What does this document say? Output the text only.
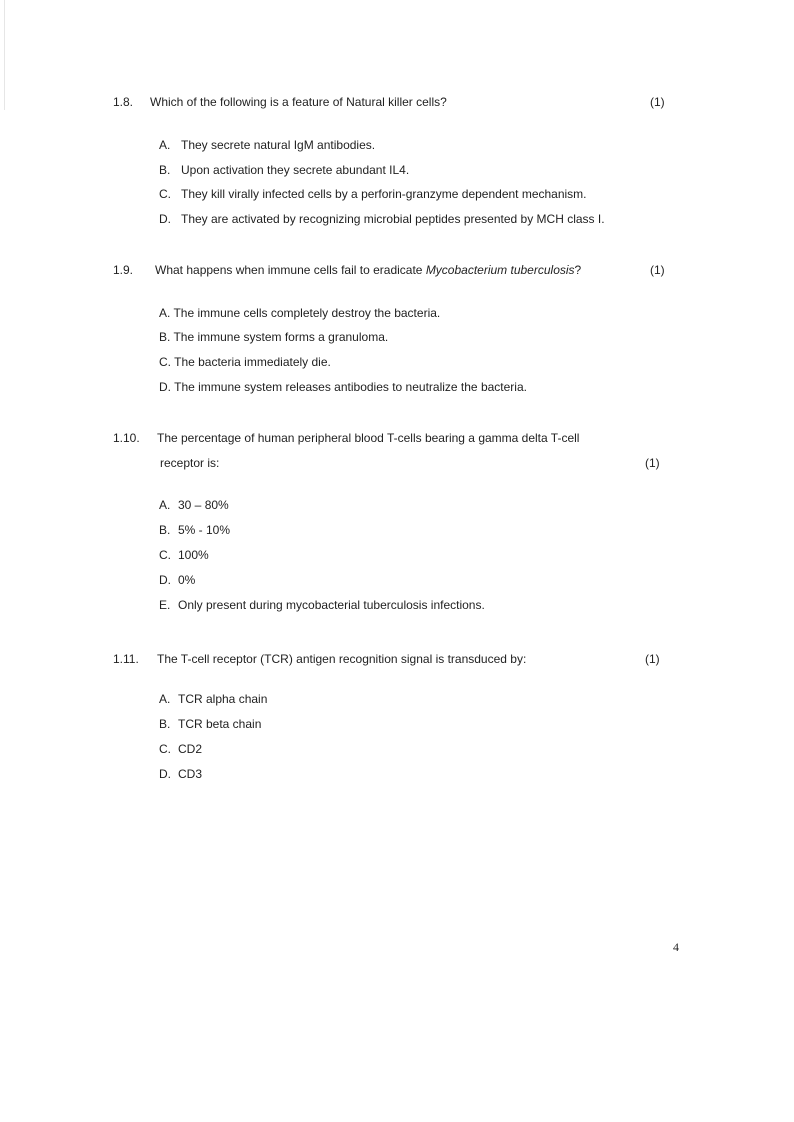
1.8. Which of the following is a feature of Natural killer cells?	(1)
A. They secrete natural IgM antibodies.
B. Upon activation they secrete abundant IL4.
C. They kill virally infected cells by a perforin-granzyme dependent mechanism.
D. They are activated by recognizing microbial peptides presented by MCH class I.
1.9. What happens when immune cells fail to eradicate Mycobacterium tuberculosis?	(1)
A. The immune cells completely destroy the bacteria.
B. The immune system forms a granuloma.
C. The bacteria immediately die.
D. The immune system releases antibodies to neutralize the bacteria.
1.10. The percentage of human peripheral blood T-cells bearing a gamma delta T-cell
receptor is:	(1)
A. 30 – 80%
B. 5% - 10%
C. 100%
D. 0%
E. Only present during mycobacterial tuberculosis infections.
1.11. The T-cell receptor (TCR) antigen recognition signal is transduced by:	(1)
A. TCR alpha chain
B. TCR beta chain
C. CD2
D. CD3
4
